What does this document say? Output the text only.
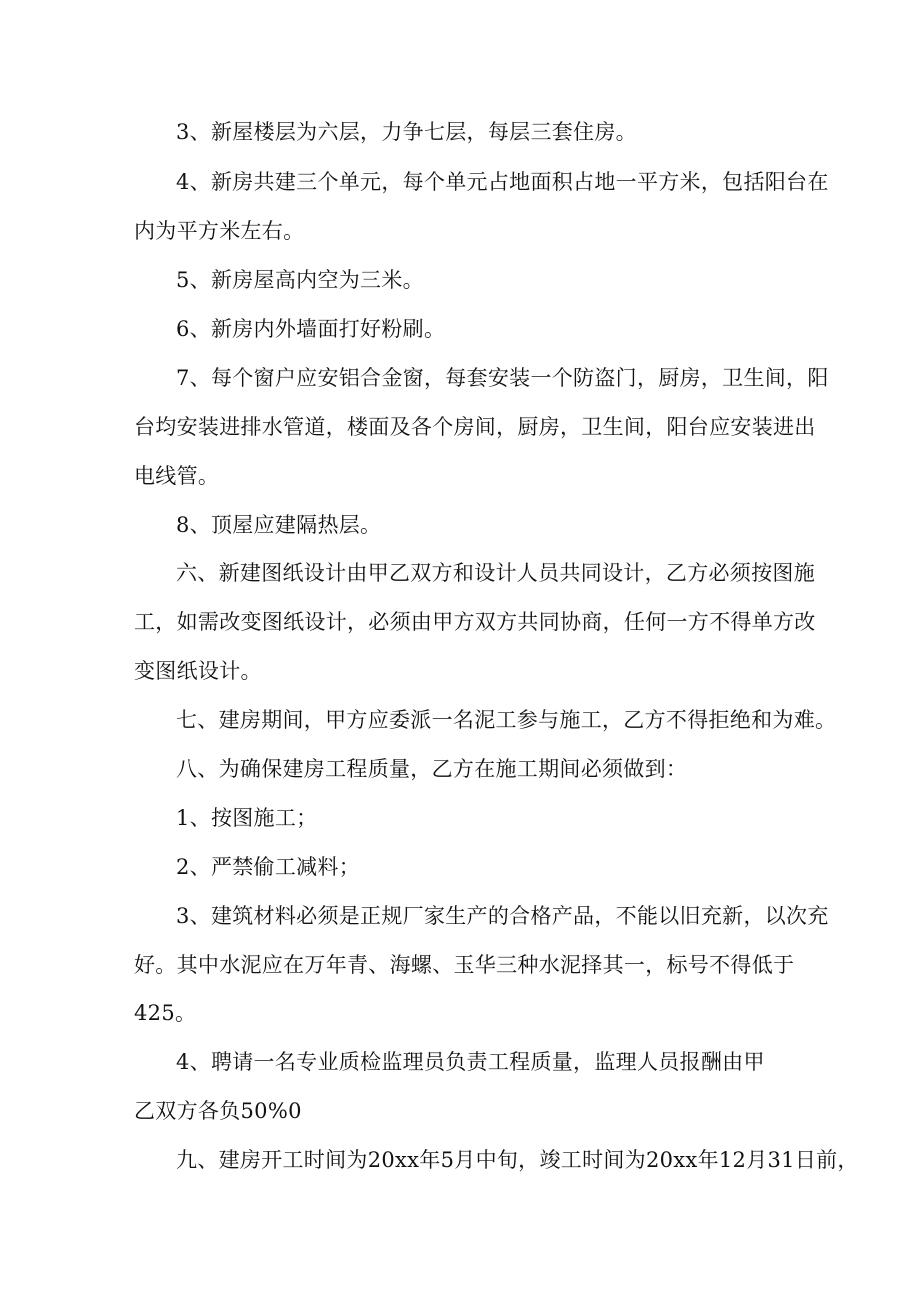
3、新屋楼层为六层，力争七层，每层三套住房。
4、新房共建三个单元，每个单元占地面积占地一平方米，包括阳台在
内为平方米左右。
5、新房屋高内空为三米。
6、新房内外墙面打好粉刷。
7、每个窗户应安铝合金窗，每套安装一个防盗门，厨房，卫生间，阳
台均安装进排水管道，楼面及各个房间，厨房，卫生间，阳台应安装进出
电线管。
8、顶屋应建隔热层。
六、新建图纸设计由甲乙双方和设计人员共同设计，乙方必须按图施
工，如需改变图纸设计，必须由甲方双方共同协商，任何一方不得单方改
变图纸设计。
七、建房期间，甲方应委派一名泥工参与施工，乙方不得拒绝和为难。
八、为确保建房工程质量，乙方在施工期间必须做到：
1、按图施工；
2、严禁偷工减料；
3、建筑材料必须是正规厂家生产的合格产品，不能以旧充新，以次充
好。其中水泥应在万年青、海螺、玉华三种水泥择其一，标号不得低于
425。
4、聘请一名专业质检监理员负责工程质量，监理人员报酬由甲
乙双方各负50%0
九、建房开工时间为20xx年5月中旬，竣工时间为20xx年12月31日前，
